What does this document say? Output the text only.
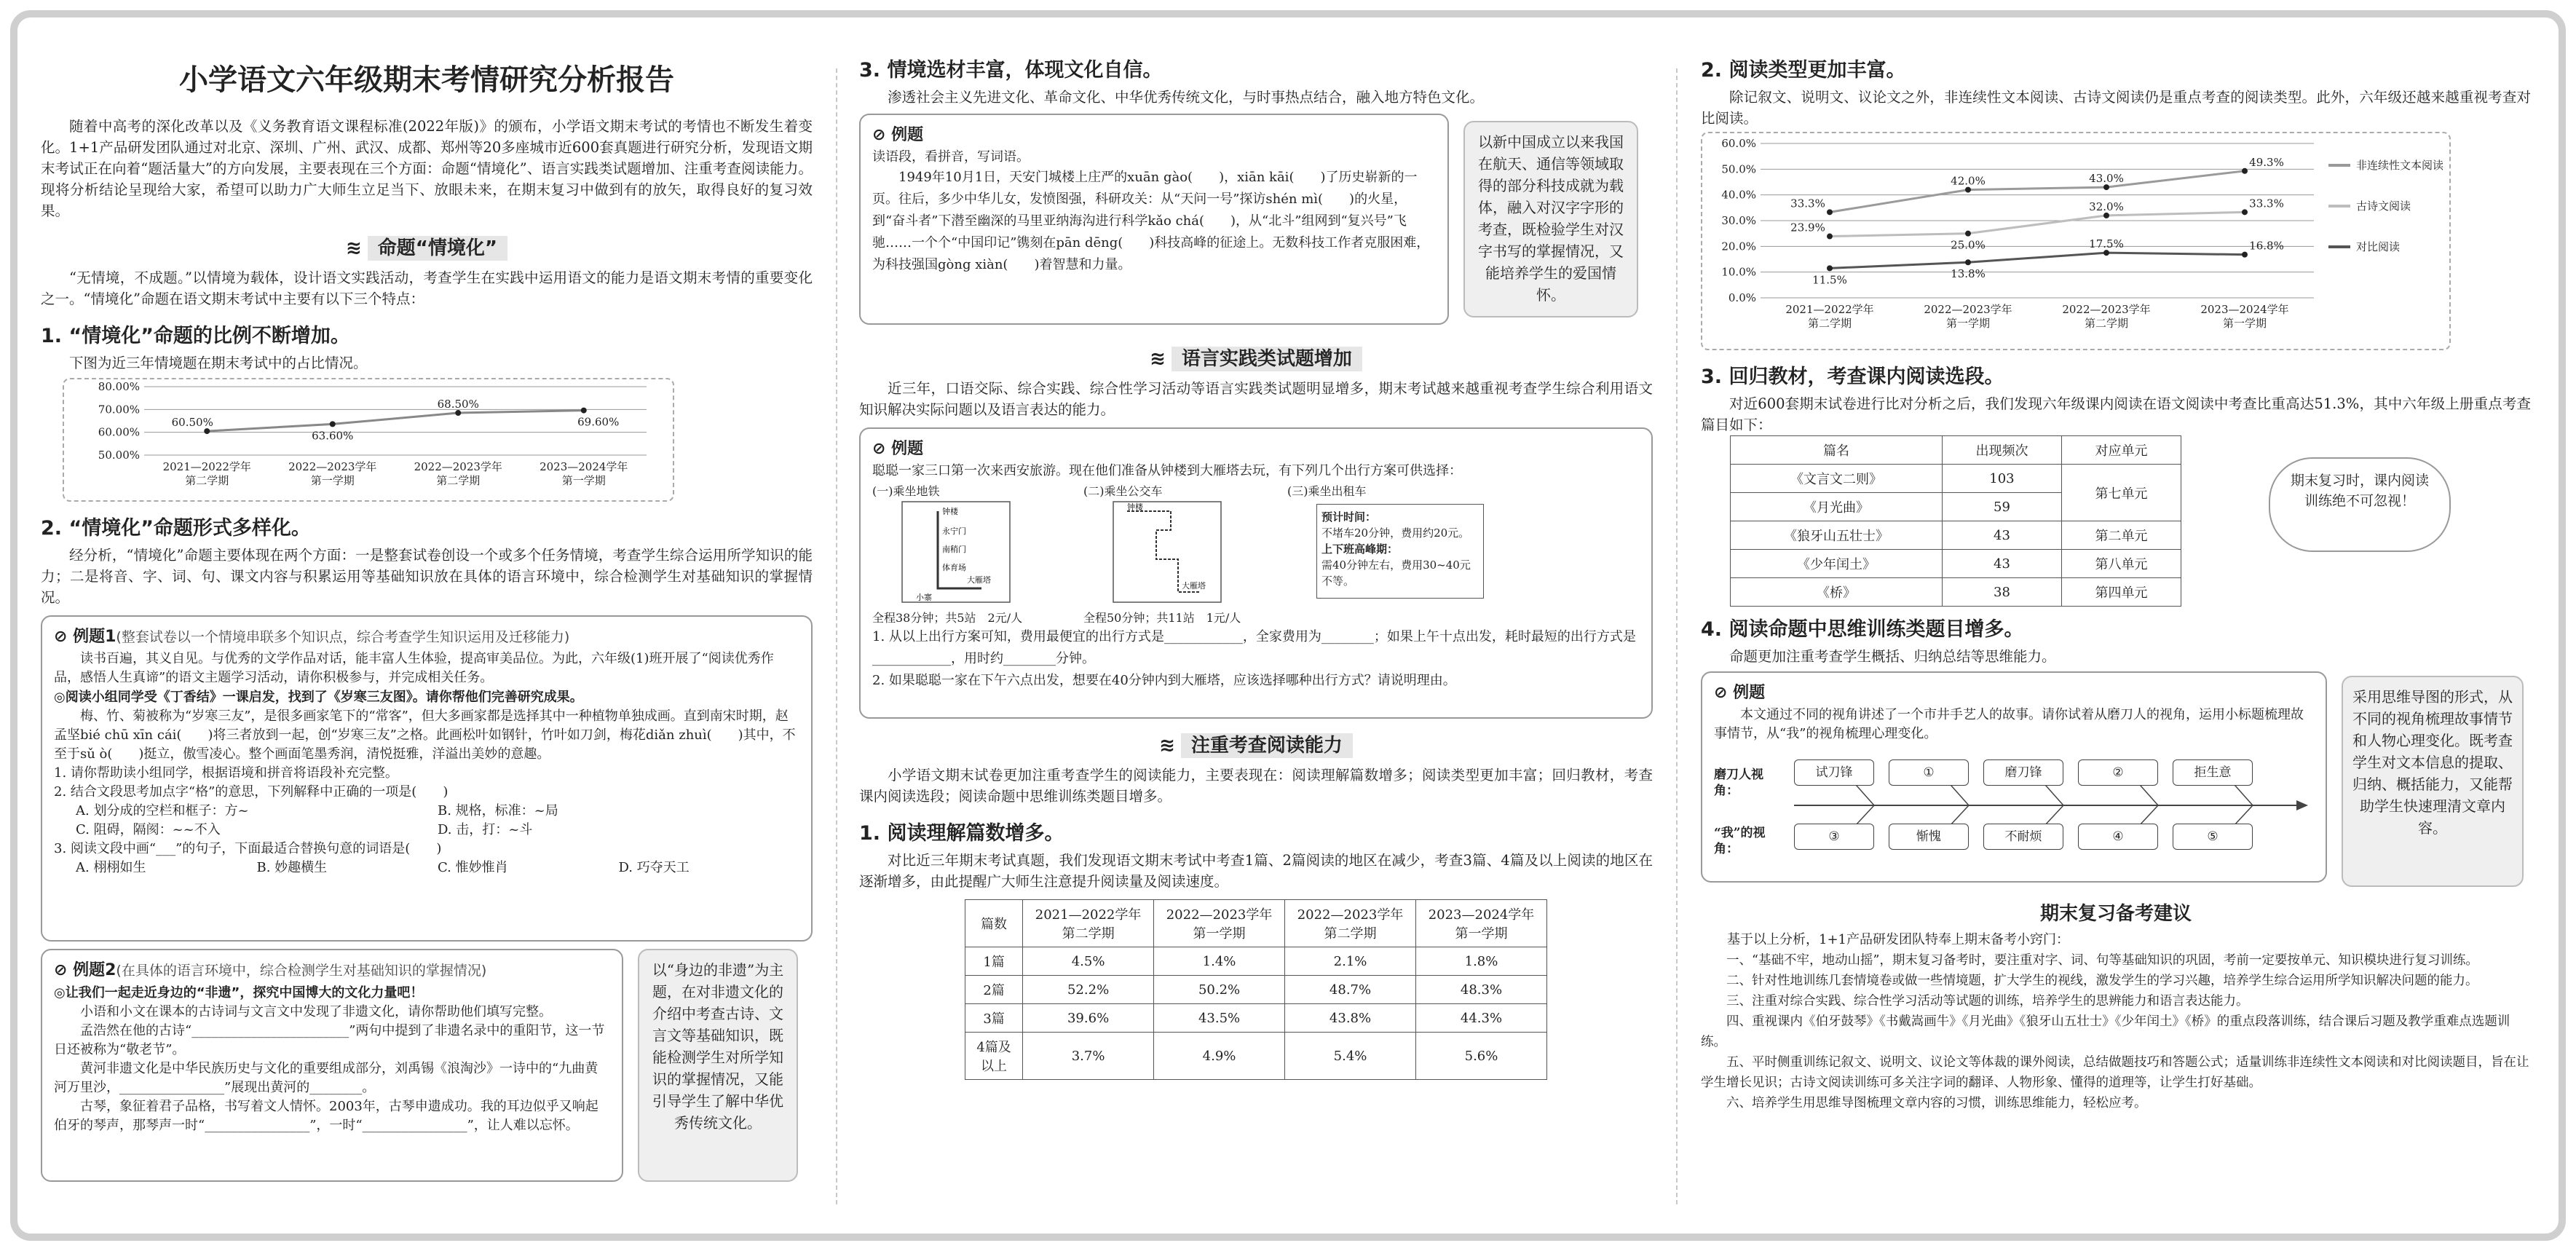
小学语文六年级期末考情研究分析报告

随着中高考的深化改革以及《义务教育语文课程标准(2022年版)》的颁布，小学语文期末考试的考情也不断发生着变化。1+1产品研发团队通过对北京、深圳、广州、武汉、成都、郑州等20多座城市近600套真题进行研究分析，发现语文期末考试正在向着“题活量大”的方向发展，主要表现在三个方面：命题“情境化”、语言实践类试题增加、注重考查阅读能力。现将分析结论呈现给大家，希望可以助力广大师生立足当下、放眼未来，在期末复习中做到有的放矢，取得良好的复习效果。

≋ 命题“情境化”

“无情境，不成题。”以情境为载体，设计语文实践活动，考查学生在实践中运用语文的能力是语文期末考情的重要变化之一。“情境化”命题在语文期末考试中主要有以下三个特点：

1. “情境化”命题的比例不断增加。

下图为近三年情境题在期末考试中的占比情况。

80.00%
70.00%
60.00%
50.00%
2021—2022学年
第二学期
2022—2023学年
第一学期
2022—2023学年
第二学期
2023—2024学年
第一学期
60.50%
63.60%
68.50%
69.60%
2. “情境化”命题形式多样化。

经分析，“情境化”命题主要体现在两个方面：一是整套试卷创设一个或多个任务情境，考查学生综合运用所学知识的能力；二是将音、字、词、句、课文内容与积累运用等基础知识放在具体的语言环境中，综合检测学生对基础知识的掌握情况。

⊘ 例题1(整套试卷以一个情境串联多个知识点，综合考查学生知识运用及迁移能力)
读书百遍，其义自见。与优秀的文学作品对话，能丰富人生体验，提高审美品位。为此，六年级(1)班开展了“阅读优秀作品，感悟人生真谛”的语文主题学习活动，请你积极参与，并完成相关任务。
◎阅读小组同学受《丁香结》一课启发，找到了《岁寒三友图》。请你帮他们完善研究成果。
梅、竹、菊被称为“岁寒三友”，是很多画家笔下的“常客”，但大多画家都是选择其中一种植物单独成画。直到南宋时期，赵孟坚bié chū xīn cái(　　)将三者放到一起，创“岁寒三友”之格。此画松叶如钢针，竹叶如刀剑，梅花diǎn zhuì(　　)其中，不至于sǔ ò(　　)挺立，傲雪凌心。整个画面笔墨秀润，清悦挺雅，洋溢出美妙的意趣。
1. 请你帮助读小组同学，根据语境和拼音将语段补充完整。
2. 结合文段思考加点字“格”的意思，下列解释中正确的一项是(　　)
A. 划分成的空栏和框子：方~	B. 规格，标准：~局
C. 阻碍，隔阂：~~不入	D. 击，打：~斗
3. 阅读文段中画“___”的句子，下面最适合替换句意的词语是(　　)
A. 栩栩如生	B. 妙趣横生	C. 惟妙惟肖	D. 巧夺天工
⊘ 例题2(在具体的语言环境中，综合检测学生对基础知识的掌握情况)
◎让我们一起走近身边的“非遗”，探究中国博大的文化力量吧！
小语和小文在课本的古诗词与文言文中发现了非遗文化，请你帮助他们填写完整。
孟浩然在他的古诗“________________________”两句中提到了非遗名录中的重阳节，这一节日还被称为“敬老节”。
黄河非遗文化是中华民族历史与文化的重要组成部分，刘禹锡《浪淘沙》一诗中的“九曲黄河万里沙，________________”展现出黄河的________。
古琴，象征着君子品格，书写着文人情怀。2003年，古琴申遗成功。我的耳边似乎又响起伯牙的琴声，那琴声一时“________________”，一时“________________”，让人难以忘怀。
以“身边的非遗”为主题，在对非遗文化的介绍中考查古诗、文言文等基础知识，既能检测学生对所学知识的掌握情况，又能引导学生了解中华优秀传统文化。
3. 情境选材丰富，体现文化自信。

渗透社会主义先进文化、革命文化、中华优秀传统文化，与时事热点结合，融入地方特色文化。

⊘ 例题
读语段，看拼音，写词语。
1949年10月1日，天安门城楼上庄严的xuān gào(　　)，xiān kāi(　　)了历史崭新的一页。往后，多少中华儿女，发愤图强，科研攻关：从“天问一号”探访shén mì(　　)的火星，到“奋斗者”下潜至幽深的马里亚纳海沟进行科学kǎo chá(　　)，从“北斗”组网到“复兴号”飞驰……一个个“中国印记”镌刻在pān dēng(　　)科技高峰的征途上。无数科技工作者克服困难，为科技强国gòng xiàn(　　)着智慧和力量。
以新中国成立以来我国在航天、通信等领域取得的部分科技成就为载体，融入对汉字字形的考查，既检验学生对汉字书写的掌握情况，又能培养学生的爱国情怀。
≋ 语言实践类试题增加

近三年，口语交际、综合实践、综合性学习活动等语言实践类试题明显增多，期末考试越来越重视考查学生综合利用语文知识解决实际问题以及语言表达的能力。

⊘ 例题
聪聪一家三口第一次来西安旅游。现在他们准备从钟楼到大雁塔去玩，有下列几个出行方案可供选择：
(一)乘坐地铁	(二)乘坐公交车	(三)乘坐出租车
钟楼
永宁门
南稍门
体育场
小寨
大雁塔
钟楼
大雁塔
预计时间：
不堵车20分钟，费用约20元。
上下班高峰期：
需40分钟左右，费用30~40元不等。
全程38分钟；共5站　2元/人	全程50分钟；共11站　1元/人
1. 从以上出行方案可知，费用最便宜的出行方式是____________，全家费用为________；如果上午十点出发，耗时最短的出行方式是____________，用时约________分钟。
2. 如果聪聪一家在下午六点出发，想要在40分钟内到大雁塔，应该选择哪种出行方式？请说明理由。
≋ 注重考查阅读能力

小学语文期末试卷更加注重考查学生的阅读能力，主要表现在：阅读理解篇数增多；阅读类型更加丰富；回归教材，考查课内阅读选段；阅读命题中思维训练类题目增多。

1. 阅读理解篇数增多。

对比近三年期末考试真题，我们发现语文期末考试中考查1篇、2篇阅读的地区在减少，考查3篇、4篇及以上阅读的地区在逐渐增多，由此提醒广大师生注意提升阅读量及阅读速度。

篇数	2021—2022学年 第二学期	2022—2023学年 第一学期	2022—2023学年 第二学期	2023—2024学年 第一学期
1篇	4.5%	1.4%	2.1%	1.8%
2篇	52.2%	50.2%	48.7%	48.3%
3篇	39.6%	43.5%	43.8%	44.3%
4篇及以上	3.7%	4.9%	5.4%	5.6%
2. 阅读类型更加丰富。

除记叙文、说明文、议论文之外，非连续性文本阅读、古诗文阅读仍是重点考查的阅读类型。此外，六年级还越来越重视考查对比阅读。

60.0%
50.0%
40.0%
30.0%
20.0%
10.0%
0.0%
2021—2022学年
第二学期
2022—2023学年
第一学期
2022—2023学年
第二学期
2023—2024学年
第一学期
33.3%
42.0%	43.0%
49.3%	非连续性文本阅读
23.9%
25.0%
32.0%	33.3%	古诗文阅读
11.5%	13.8%
17.5%	16.8%	对比阅读
3. 回归教材，考查课内阅读选段。

对近600套期末试卷进行比对分析之后，我们发现六年级课内阅读在语文阅读中考查比重高达51.3%，其中六年级上册重点考查篇目如下：

篇名	出现频次	对应单元
《文言文二则》	103	第七单元
《月光曲》	59	
《狼牙山五壮士》	43	第二单元
《少年闰土》	43	第八单元
《桥》	38	第四单元
期末复习时，课内阅读训练绝不可忽视！
4. 阅读命题中思维训练类题目增多。

命题更加注重考查学生概括、归纳总结等思维能力。

⊘ 例题
本文通过不同的视角讲述了一个市井手艺人的故事。请你试着从磨刀人的视角，运用小标题梳理故事情节，从“我”的视角梳理心理变化。
磨刀人视角：
“我”的视角：
试刀锋	①	磨刀锋	②	拒生意
③	惭愧	不耐烦	④	⑤
采用思维导图的形式，从不同的视角梳理故事情节和人物心理变化。既考查学生对文本信息的提取、归纳、概括能力，又能帮助学生快速理清文章内容。
期末复习备考建议

基于以上分析，1+1产品研发团队特奉上期末备考小窍门：

一、“基础不牢，地动山摇”，期末复习备考时，要注重对字、词、句等基础知识的巩固，考前一定要按单元、知识模块进行复习训练。
二、针对性地训练几套情境卷或做一些情境题，扩大学生的视线，激发学生的学习兴趣，培养学生综合运用所学知识解决问题的能力。
三、注重对综合实践、综合性学习活动等试题的训练，培养学生的思辨能力和语言表达能力。
四、重视课内《伯牙鼓琴》《书戴嵩画牛》《月光曲》《狼牙山五壮士》《少年闰土》《桥》的重点段落训练，结合课后习题及教学重难点选题训练。
五、平时侧重训练记叙文、说明文、议论文等体裁的课外阅读，总结做题技巧和答题公式；适量训练非连续性文本阅读和对比阅读题目，旨在让学生增长见识；古诗文阅读训练可多关注字词的翻译、人物形象、懂得的道理等，让学生打好基础。
六、培养学生用思维导图梳理文章内容的习惯，训练思维能力，轻松应考。
